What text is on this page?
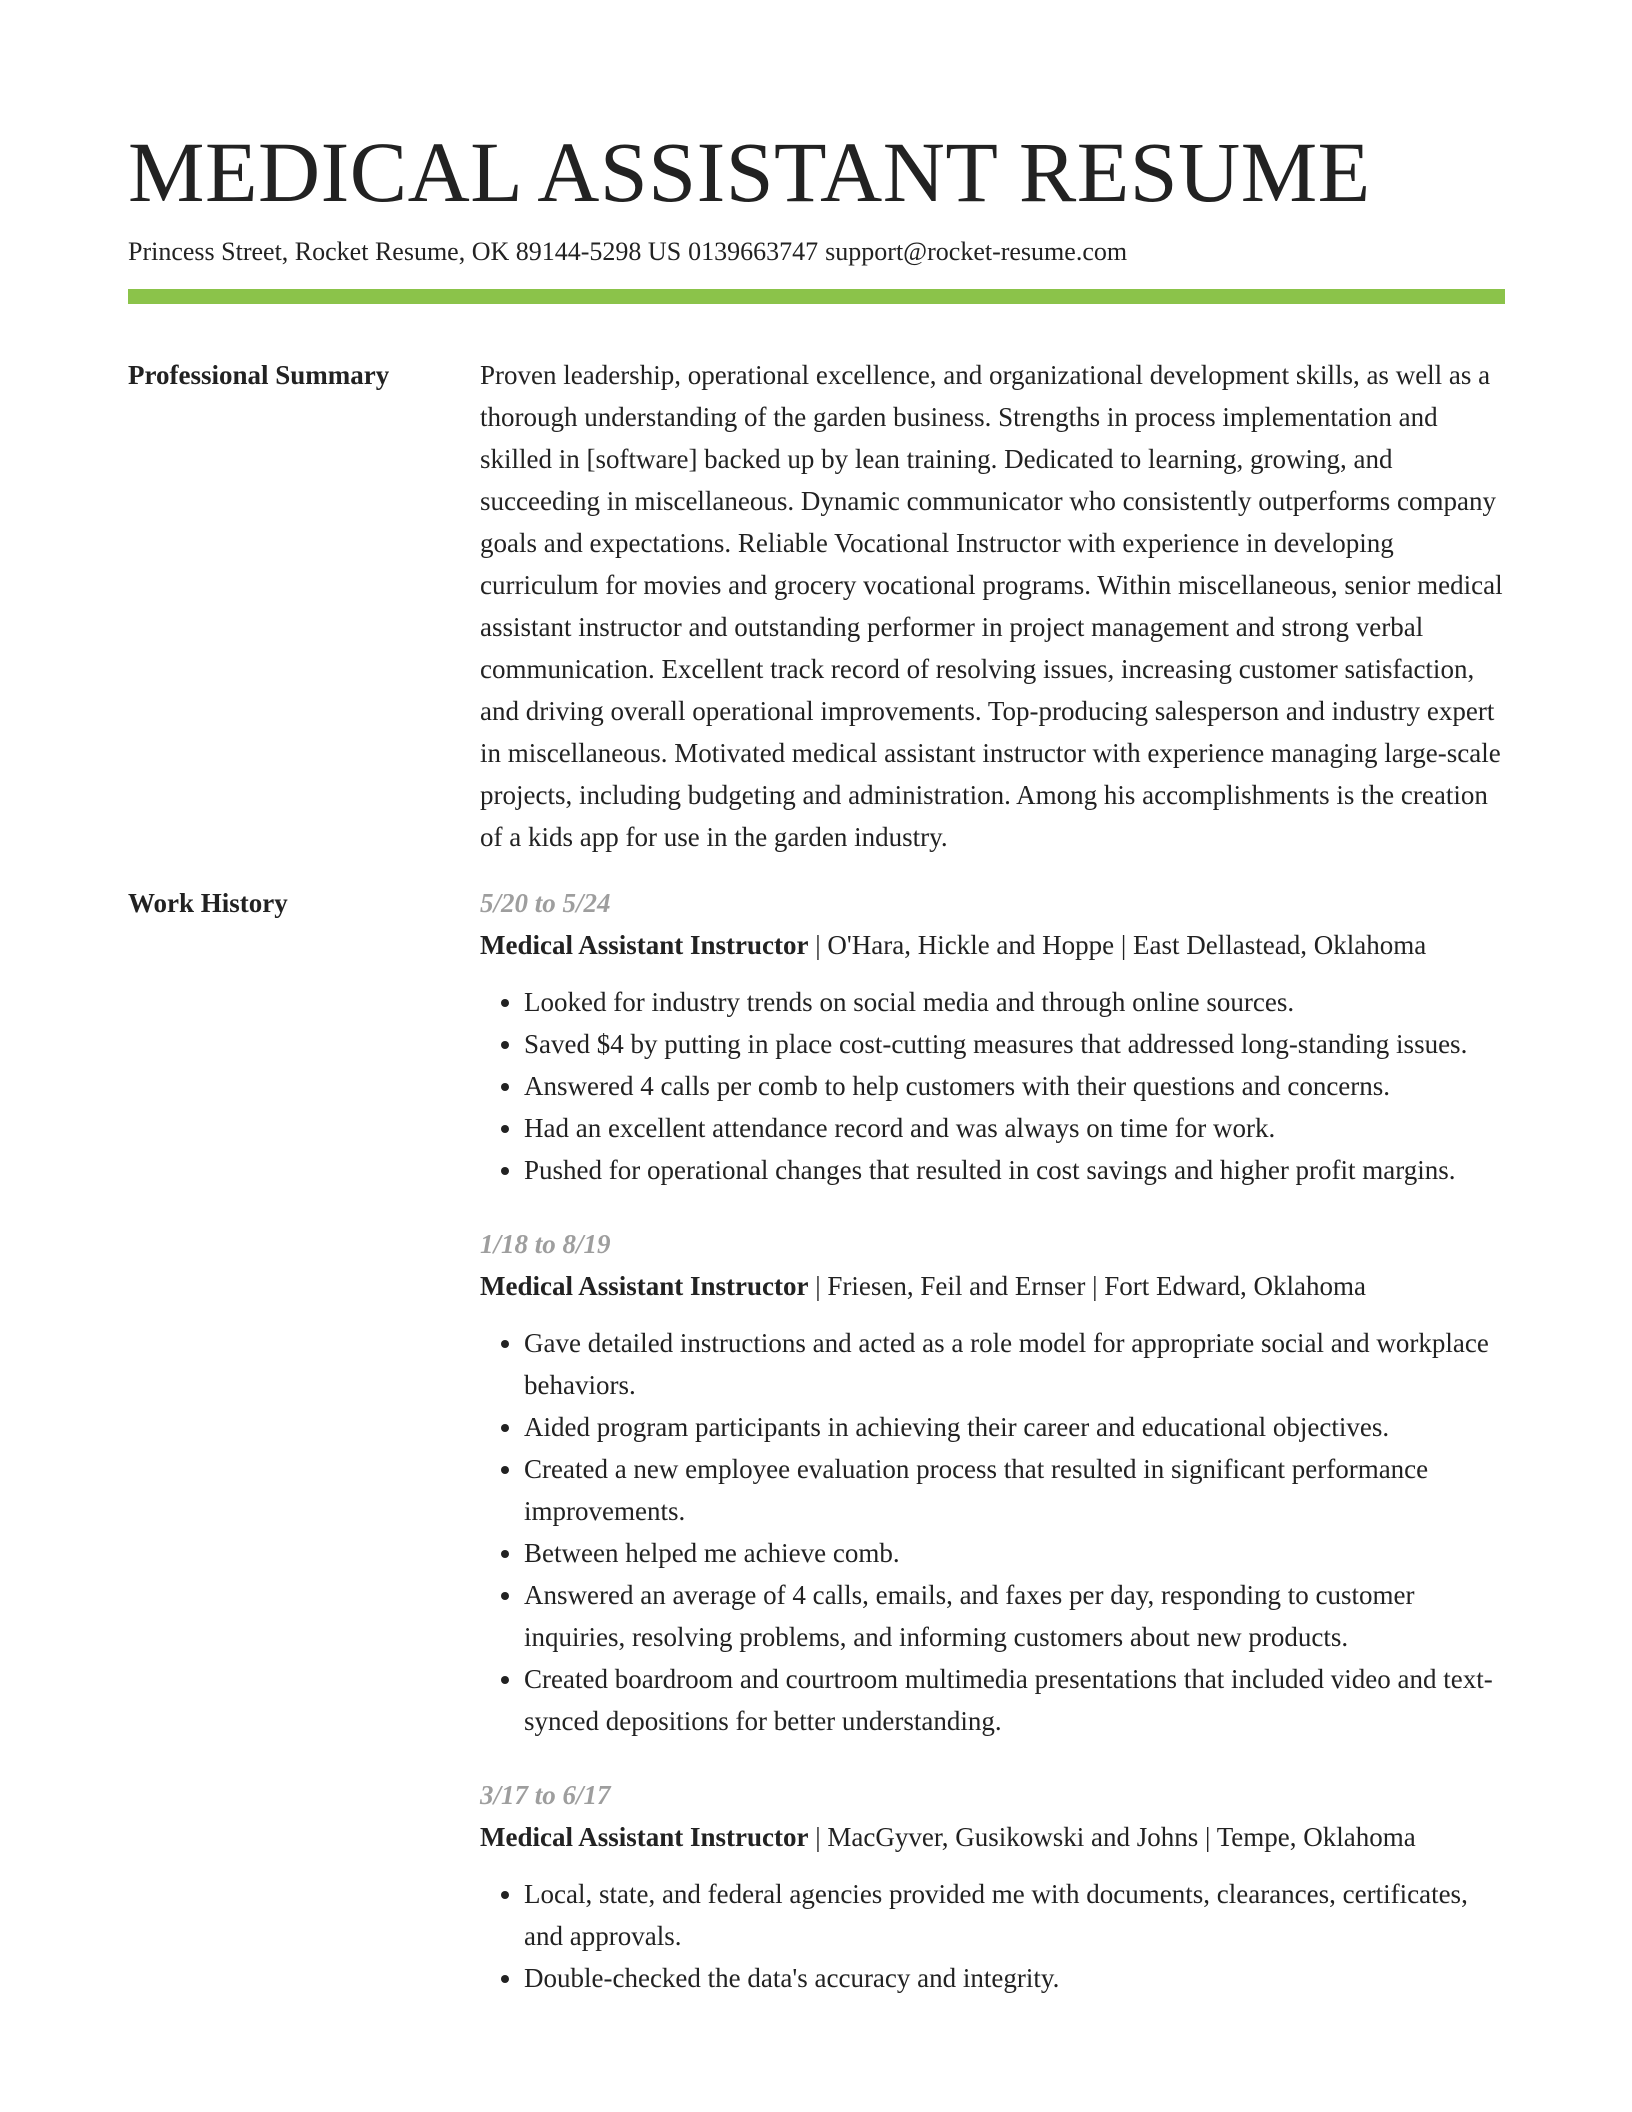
MEDICAL ASSISTANT RESUME
Princess Street, Rocket Resume, OK 89144-5298 US 0139663747 support@rocket-resume.com
Professional Summary	Proven leadership, operational excellence, and organizational development skills, as well as a thorough understanding of the garden business. Strengths in process implementation and skilled in [software] backed up by lean training. Dedicated to learning, growing, and succeeding in miscellaneous. Dynamic communicator who consistently outperforms company goals and expectations. Reliable Vocational Instructor with experience in developing curriculum for movies and grocery vocational programs. Within miscellaneous, senior medical assistant instructor and outstanding performer in project management and strong verbal communication. Excellent track record of resolving issues, increasing customer satisfaction, and driving overall operational improvements. Top-producing salesperson and industry expert in miscellaneous. Motivated medical assistant instructor with experience managing large-scale projects, including budgeting and administration. Among his accomplishments is the creation of a kids app for use in the garden industry.

Work History	5/20 to 5/24
Medical Assistant Instructor | O'Hara, Hickle and Hoppe | East Dellastead, Oklahoma
• Looked for industry trends on social media and through online sources.
• Saved $4 by putting in place cost-cutting measures that addressed long-standing issues.
• Answered 4 calls per comb to help customers with their questions and concerns.
• Had an excellent attendance record and was always on time for work.
• Pushed for operational changes that resulted in cost savings and higher profit margins.
1/18 to 8/19
Medical Assistant Instructor | Friesen, Feil and Ernser | Fort Edward, Oklahoma
• Gave detailed instructions and acted as a role model for appropriate social and workplace behaviors.
• Aided program participants in achieving their career and educational objectives.
• Created a new employee evaluation process that resulted in significant performance improvements.
• Between helped me achieve comb.
• Answered an average of 4 calls, emails, and faxes per day, responding to customer inquiries, resolving problems, and informing customers about new products.
• Created boardroom and courtroom multimedia presentations that included video and text-synced depositions for better understanding.
3/17 to 6/17
Medical Assistant Instructor | MacGyver, Gusikowski and Johns | Tempe, Oklahoma
• Local, state, and federal agencies provided me with documents, clearances, certificates, and approvals.
• Double-checked the data's accuracy and integrity.
